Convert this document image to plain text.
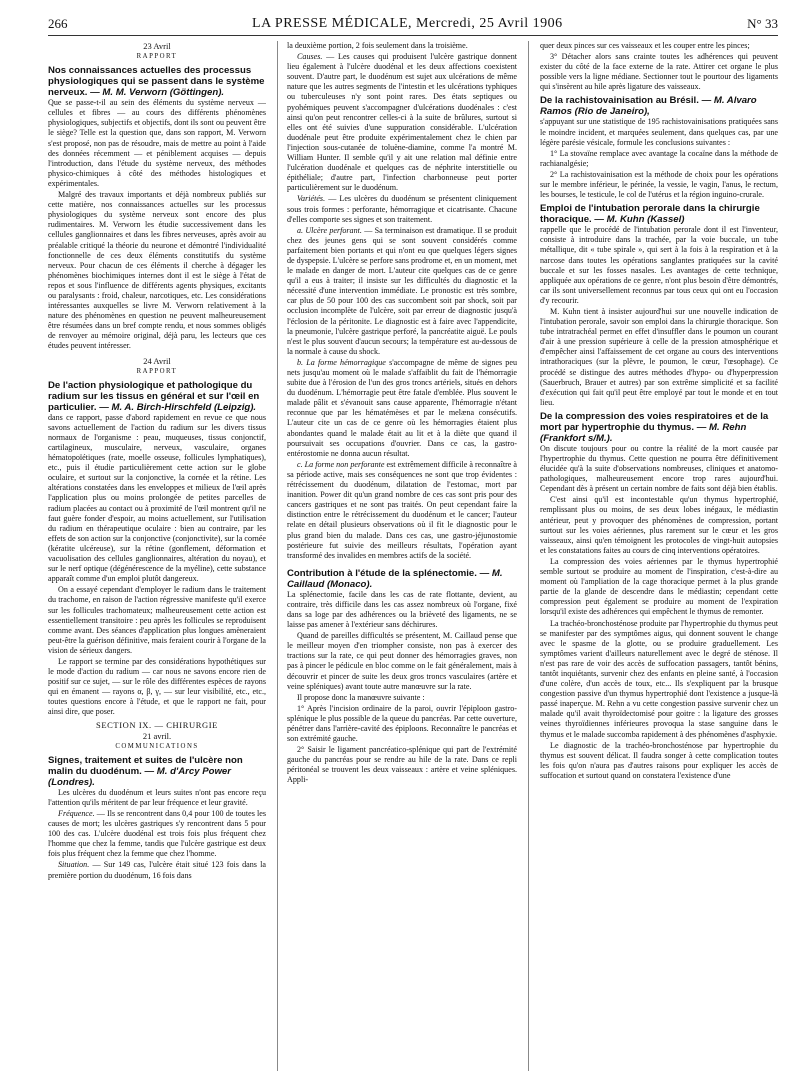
266	LA PRESSE MÉDICALE, Mercredi, 25 Avril 1906	N° 33

23 Avril

RAPPORT

Nos connaissances actuelles des processus physiologiques qui se passent dans le système nerveux. — M. M. Verworn (Göttingen).

Que se passe-t-il au sein des éléments du système nerveux — cellules et fibres — au cours des différents phénomènes physiologiques, subjectifs et objectifs, dont ils sont ou peuvent être le siège? Telle est la question que, dans son rapport, M. Verworn s'est proposé, non pas de résoudre, mais de mettre au point à l'aide des données récemment — et péniblement acquises — depuis l'introduction, dans l'étude du système nerveux, des méthodes physico-chimiques à côté des méthodes histologiques et expérimentales.

Malgré des travaux importants et déjà nombreux publiés sur cette matière, nos connaissances actuelles sur les processus physiologiques du système nerveux sont encore des plus rudimentaires. M. Verworn les étudie successivement dans les cellules ganglionnaires et dans les fibres nerveuses, après avoir au préalable critiqué la théorie du neurone et démontré l'individualité fonctionnelle de ces deux éléments constitutifs du système nerveux. Pour chacun de ces éléments il cherche à dégager les phénomènes biochimiques internes dont il est le siège à l'état de repos et sous l'influence de différents agents physiques, excitants ou paralysants : froid, chaleur, narcotiques, etc. Les considérations intéressantes auxquelles se livre M. Verworn relativement à la nature des phénomènes en question ne peuvent malheureusement être résumées dans un bref compte rendu, et nous sommes obligés de renvoyer au mémoire original, déjà paru, les lecteurs que ces études peuvent intéresser.

24 Avril

RAPPORT

De l'action physiologique et pathologique du radium sur les tissus en général et sur l'œil en particulier. — M. A. Birch-Hirschfeld (Leipzig).

dans ce rapport, passe d'abord rapidement en revue ce que nous savons actuellement de l'action du radium sur les divers tissus normaux de l'organisme : peau, muqueuses, tissus conjonctif, cartilagineux, musculaire, nerveux, vasculaire, organes hématopoïétiques (rate, moelle osseuse, follicules lymphatiques), etc., puis il étudie particulièrement cette action sur le globe oculaire, et surtout sur la conjonctive, la cornée et la rétine. Les altérations constatées dans les enveloppes et milieux de l'œil après l'application plus ou moins prolongée de petites parcelles de radium placées au contact ou à proximité de l'œil montrent qu'il ne faut guère fonder d'espoir, au moins actuellement, sur l'utilisation du radium en thérapeutique oculaire : bien au contraire, par les effets de son action sur la conjonctive (conjonctivite), sur la cornée (kératite ulcéreuse), sur la rétine (gonflement, déformation et vacuolisation des cellules ganglionnaires, altération du noyau), et sur le nerf optique (dégénérescence de la myéline), cette substance apparaît comme d'un emploi plutôt dangereux.

On a essayé cependant d'employer le radium dans le traitement du trachome, en raison de l'action régressive manifeste qu'il exerce sur les follicules trachomateux; malheureusement cette action est essentiellement transitoire : peu après les follicules se reproduisent comme avant. Des séances d'application plus longues amèneraient peut-être la guérison définitive, mais feraient courir à l'organe de la vision de sérieux dangers.

Le rapport se termine par des considérations hypothétiques sur le mode d'action du radium — car nous ne savons encore rien de positif sur ce sujet, — sur le rôle des différentes espèces de rayons qui en émanent — rayons α, β, γ, — sur leur visibilité, etc., etc., toutes questions encore à l'étude, et que le rapport ne fait, pour ainsi dire, que poser.

SECTION IX. — CHIRURGIE

21 avril.

COMMUNICATIONS

Signes, traitement et suites de l'ulcère non malin du duodénum. — M. d'Arcy Power (Londres).

Les ulcères du duodénum et leurs suites n'ont pas encore reçu l'attention qu'ils méritent de par leur fréquence et leur gravité.

Fréquence. — Ils se rencontrent dans 0,4 pour 100 de toutes les causes de mort; les ulcères gastriques s'y rencontrent dans 5 pour 100 des cas. L'ulcère duodénal est trois fois plus fréquent chez l'homme que chez la femme, tandis que l'ulcère gastrique est deux fois plus fréquent chez la femme que chez l'homme.

Situation. — Sur 149 cas, l'ulcère était situé 123 fois dans la première portion du duodénum, 16 fois dans

la deuxième portion, 2 fois seulement dans la troisième.

Causes. — Les causes qui produisent l'ulcère gastrique donnent lieu également à l'ulcère duodénal et les deux affections coexistent souvent. D'autre part, le duodénum est sujet aux ulcérations de même nature que les autres segments de l'intestin et les ulcérations typhiques ou tuberculeuses n'y sont point rares. Des états septiques ou pyohémiques peuvent s'accompagner d'ulcérations duodénales : c'est ainsi qu'on peut rencontrer celles-ci à la suite de brûlures, surtout si elles ont été suivies d'une suppuration considérable. L'ulcération duodénale peut être produite expérimentalement chez le chien par l'injection sous-cutanée de toluène-diamine, comme l'a montré M. William Hunter. Il semble qu'il y ait une relation mal définie entre l'ulcération duodénale et quelques cas de néphrite interstitielle ou épithéliale; d'autre part, l'infection charbonneuse peut porter particulièrement sur le duodénum.

Variétés. — Les ulcères du duodénum se présentent cliniquement sous trois formes : perforante, hémorragique et cicatrisante. Chacune d'elles comporte ses signes et son traitement.

a. Ulcère perforant. — Sa terminaison est dramatique. Il se produit chez des jeunes gens qui se sont souvent considérés comme parfaitement bien portants et qui n'ont eu que quelques légers signes de dyspepsie. L'ulcère se perfore sans prodrome et, en un moment, met le malade en danger de mort. L'auteur cite quelques cas de ce genre qu'il a eus à traiter; il insiste sur les difficultés du diagnostic et la nécessité d'une intervention immédiate. Le pronostic est très sombre, car plus de 50 pour 100 des cas succombent soit par shock, soit par occlusion incomplète de l'ulcère, soit par erreur de diagnostic jusqu'à l'éclosion de la péritonite. Le diagnostic est à faire avec l'appendicite, la pneumonie, l'ulcère gastrique perforé, la pancréatite aiguë. Le pouls n'est le plus souvent d'aucun secours; la température est au-dessous de la normale à cause du shock.

b. La forme hémorragique s'accompagne de même de signes peu nets jusqu'au moment où le malade s'affaiblit du fait de l'hémorragie subite due à l'érosion de l'un des gros troncs artériels, situés en dehors du duodénum. L'hémorragie peut être fatale d'emblée. Plus souvent le malade pâlit et s'évanouit sans cause apparente, l'hémorragie n'étant reconnue que par les hématémèses et par le melæna consécutifs. L'auteur cite un cas de ce genre où les hémorragies étaient plus abondantes quand le malade était au lit et à la diète que quand il poursuivait ses occupations d'ouvrier. Dans ce cas, la gastro-entérostomie ne donna aucun résultat.

c. La forme non perforante est extrêmement difficile à reconnaître à sa période active, mais ses conséquences ne sont que trop évidentes : rétrécissement du duodénum, dilatation de l'estomac, mort par inanition. Power dit qu'un grand nombre de ces cas sont pris pour des cancers gastriques et ne sont pas traités. On peut cependant faire la distinction entre le rétrécissement du duodénum et le cancer; l'auteur relate en détail plusieurs observations où il fit le diagnostic pour le plus grand bien du malade. Dans ces cas, une gastro-jéjunostomie postérieure fut suivie des meilleurs résultats, l'opération ayant transformé des invalides en membres actifs de la société.

Contribution à l'étude de la splénectomie. — M. Caillaud (Monaco).

La splénectomie, facile dans les cas de rate flottante, devient, au contraire, très difficile dans les cas assez nombreux où l'organe, fixé dans sa loge par des adhérences ou la brièveté des ligaments, ne se laisse pas amener à l'extérieur sans déchirures.

Quand de pareilles difficultés se présentent, M. Caillaud pense que le meilleur moyen d'en triompher consiste, non pas à exercer des tractions sur la rate, ce qui peut donner des hémorragies graves, non pas à pincer le pédicule en bloc comme on le fait généralement, mais à découvrir et pincer de suite les deux gros troncs vasculaires (artère et veine spléniques) avant toute autre manœuvre sur la rate.

Il propose donc la manœuvre suivante :

1° Après l'incision ordinaire de la paroi, ouvrir l'épiploon gastro-splénique le plus possible de la queue du pancréas. Par cette ouverture, pénétrer dans l'arrière-cavité des épiploons. Reconnaître le pancréas et son extrémité gauche.

2° Saisir le ligament pancréatico-splénique qui part de l'extrémité gauche du pancréas pour se rendre au hile de la rate. Dans ce repli péritonéal se trouvent les deux vaisseaux : artère et veine spléniques. Appli-

quer deux pinces sur ces vaisseaux et les couper entre les pinces;

3° Détacher alors sans crainte toutes les adhérences qui peuvent exister du côté de la face externe de la rate. Attirer cet organe le plus possible vers la ligne médiane. Sectionner tout le pourtour des ligaments qui s'insèrent au hile après ligature des vaisseaux.

De la rachistovainisation au Brésil. — M. Alvaro Ramos (Rio de Janeiro),

s'appuyant sur une statistique de 195 rachistovainisations pratiquées sans le moindre incident, et marquées seulement, dans quelques cas, par une légère parésie vésicale, formule les conclusions suivantes :

1° La stovaïne remplace avec avantage la cocaïne dans la méthode de rachianalgésie;

2° La rachistovainisation est la méthode de choix pour les opérations sur le membre inférieur, le périnée, la vessie, le vagin, l'anus, le rectum, les bourses, le testicule, le col de l'utérus et la région inguino-crurale.

Emploi de l'intubation perorale dans la chirurgie thoracique. — M. Kuhn (Kassel)

rappelle que le procédé de l'intubation perorale dont il est l'inventeur, consiste à introduire dans la trachée, par la voie buccale, un tube métallique, dit « tube spirale », qui sert à la fois à la respiration et à la narcose dans toutes les opérations sanglantes pratiquées sur la cavité buccale et sur les fosses nasales. Les avantages de cette technique, appliquée aux opérations de ce genre, n'ont plus besoin d'être démontrés, car ils sont universellement reconnus par tous ceux qui ont eu l'occasion d'y recourir.

M. Kuhn tient à insister aujourd'hui sur une nouvelle indication de l'intubation perorale, savoir son emploi dans la chirurgie thoracique. Son tube intratrachéal permet en effet d'insuffler dans le poumon un courant d'air à une pression supérieure à celle de la pression atmosphérique et d'empêcher ainsi l'affaissement de cet organe au cours des interventions intrathoraciques (sur la plèvre, le poumon, le cœur, l'œsophage). Ce procédé se distingue des autres méthodes d'hypo- ou d'hyperpression (Sauerbruch, Brauer et autres) par son extrême simplicité et sa facilité d'exécution qui fait qu'il peut être employé par tout le monde et en tout lieu.

De la compression des voies respiratoires et de la mort par hypertrophie du thymus. — M. Rehn (Frankfort s/M.).

On discute toujours pour ou contre la réalité de la mort causée par l'hypertrophie du thymus. Cette question ne pourra être définitivement élucidée qu'à la suite d'observations nombreuses, cliniques et anatomo-pathologiques, malheureusement encore trop rares aujourd'hui. Cependant dès à présent un certain nombre de faits sont déjà bien établis.

C'est ainsi qu'il est incontestable qu'un thymus hypertrophié, remplissant plus ou moins, de ses deux lobes inégaux, le médiastin antérieur, peut y provoquer des phénomènes de compression, portant surtout sur les voies aériennes, plus rarement sur le cœur et les gros vaisseaux, ainsi qu'en témoignent les protocoles de vingt-huit autopsies et les constatations faites au cours de cinq interventions opératoires.

La compression des voies aériennes par le thymus hypertrophié semble surtout se produire au moment de l'inspiration, c'est-à-dire au moment où l'ampliation de la cage thoracique permet à la plus grande partie de la glande de descendre dans le médiastin; cependant cette compression peut également se produire au moment de l'expiration lorsqu'il existe des adhérences qui empêchent le thymus de remonter.

La trachéo-bronchosténose produite par l'hypertrophie du thymus peut se manifester par des symptômes aigus, qui donnent souvent le change avec le spasme de la glotte, ou se produire graduellement. Les symptômes varient d'ailleurs naturellement avec le degré de sténose. Il n'est pas rare de voir des accès de suffocation passagers, tantôt bénins, tantôt inquiétants, survenir chez des enfants en pleine santé, à l'occasion d'une colère, d'un accès de toux, etc... Ils s'expliquent par la brusque congestion passive d'un thymus hypertrophié dont l'existence a jusque-là passé inaperçue. M. Rehn a vu cette congestion passive survenir chez un malade qu'il avait thyroïdectomisé pour goitre : la ligature des grosses veines thyroïdiennes inférieures provoqua la stase sanguine dans le thymus et le malade succomba rapidement à des phénomènes d'asphyxie.

Le diagnostic de la trachéo-bronchosténose par hypertrophie du thymus est souvent délicat. Il faudra songer à cette complication toutes les fois qu'on n'aura pas d'autres raisons pour expliquer les accès de suffocation et surtout quand on constatera l'existence d'une
